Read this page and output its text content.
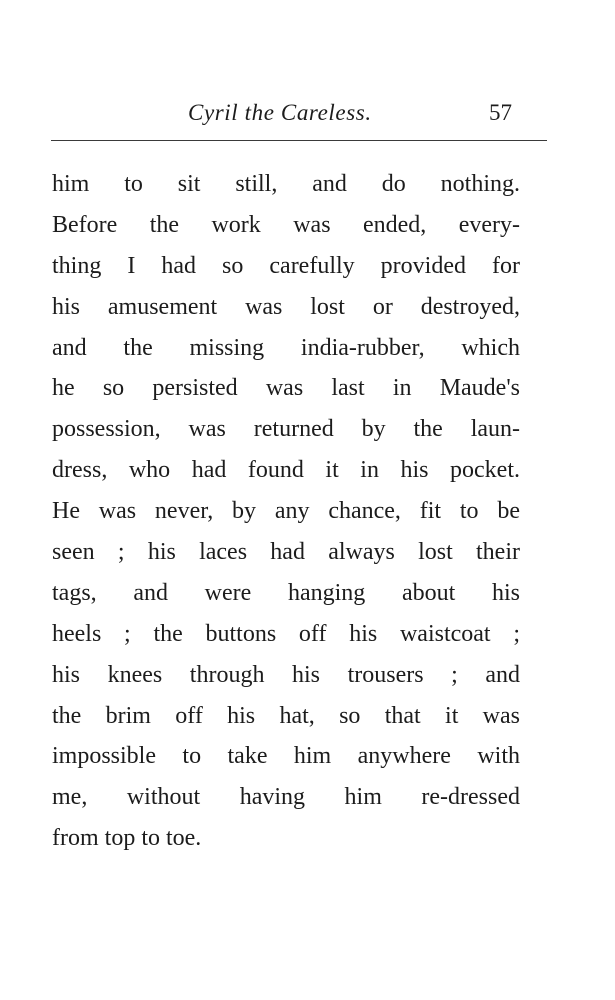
Cyril the Careless.	57
him to sit still, and do nothing.
Before the work was ended, every-
thing I had so carefully provided for
his amusement was lost or destroyed,
and the missing india-rubber, which
he so persisted was last in Maude's
possession, was returned by the laun-
dress, who had found it in his pocket.
He was never, by any chance, fit to be
seen ; his laces had always lost their
tags, and were hanging about his
heels ; the buttons off his waistcoat ;
his knees through his trousers ; and
the brim off his hat, so that it was
impossible to take him anywhere with
me, without having him re-dressed
from top to toe.
